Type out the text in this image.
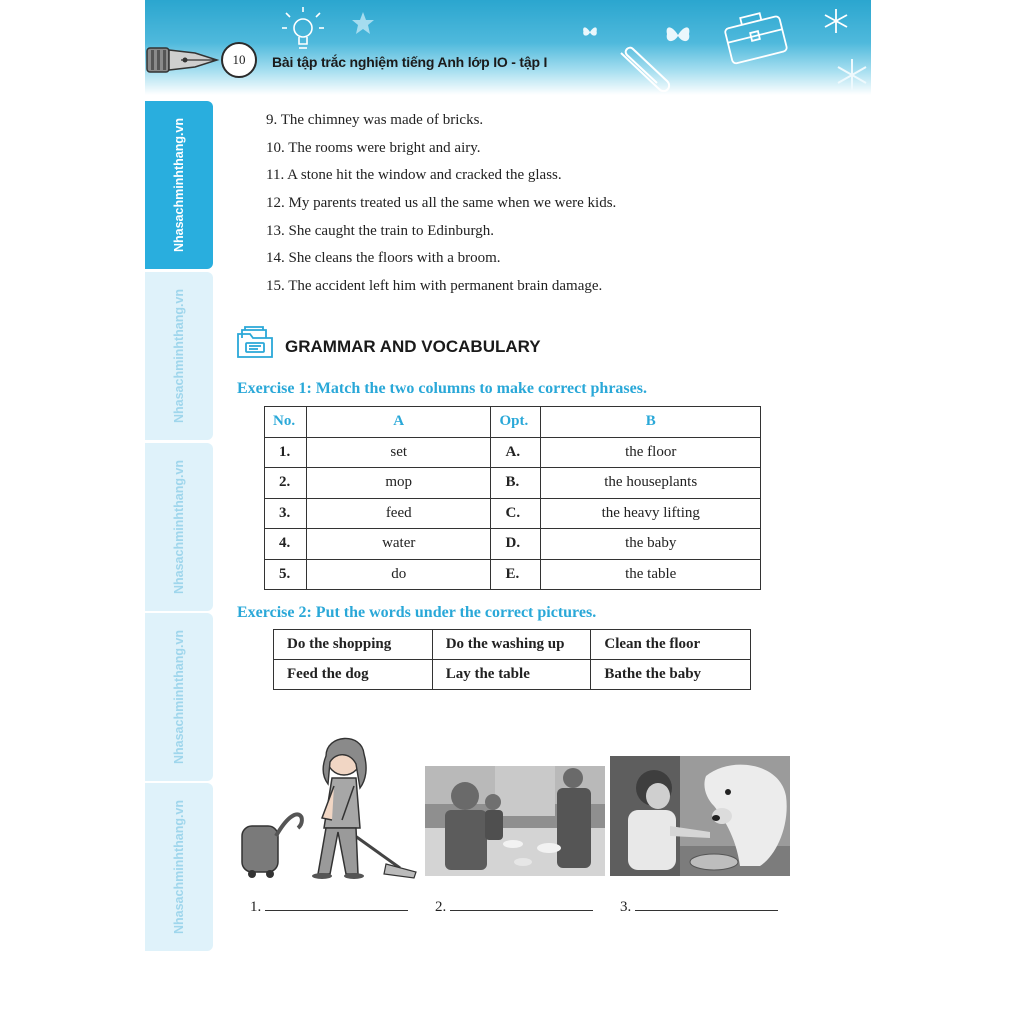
10	Bài tập trắc nghiệm tiếng Anh lớp IO - tập I
Nhasachminhthang.vn
Nhasachminhthang.vn
Nhasachminhthang.vn
Nhasachminhthang.vn
Nhasachminhthang.vn
9. The chimney was made of bricks.
10. The rooms were bright and airy.
11. A stone hit the window and cracked the glass.
12. My parents treated us all the same when we were kids.
13. She caught the train to Edinburgh.
14. She cleans the floors with a broom.
15. The accident left him with permanent brain damage.
GRAMMAR AND VOCABULARY
Exercise 1: Match the two columns to make correct phrases.
No.	A	Opt.	B
1.	set	A.	the floor
2.	mop	B.	the houseplants
3.	feed	C.	the heavy lifting
4.	water	D.	the baby
5.	do	E.	the table
Exercise 2: Put the words under the correct pictures.
Do the shopping	Do the washing up	Clean the floor
Feed the dog	Lay the table	Bathe the baby
1.	2.	3.
